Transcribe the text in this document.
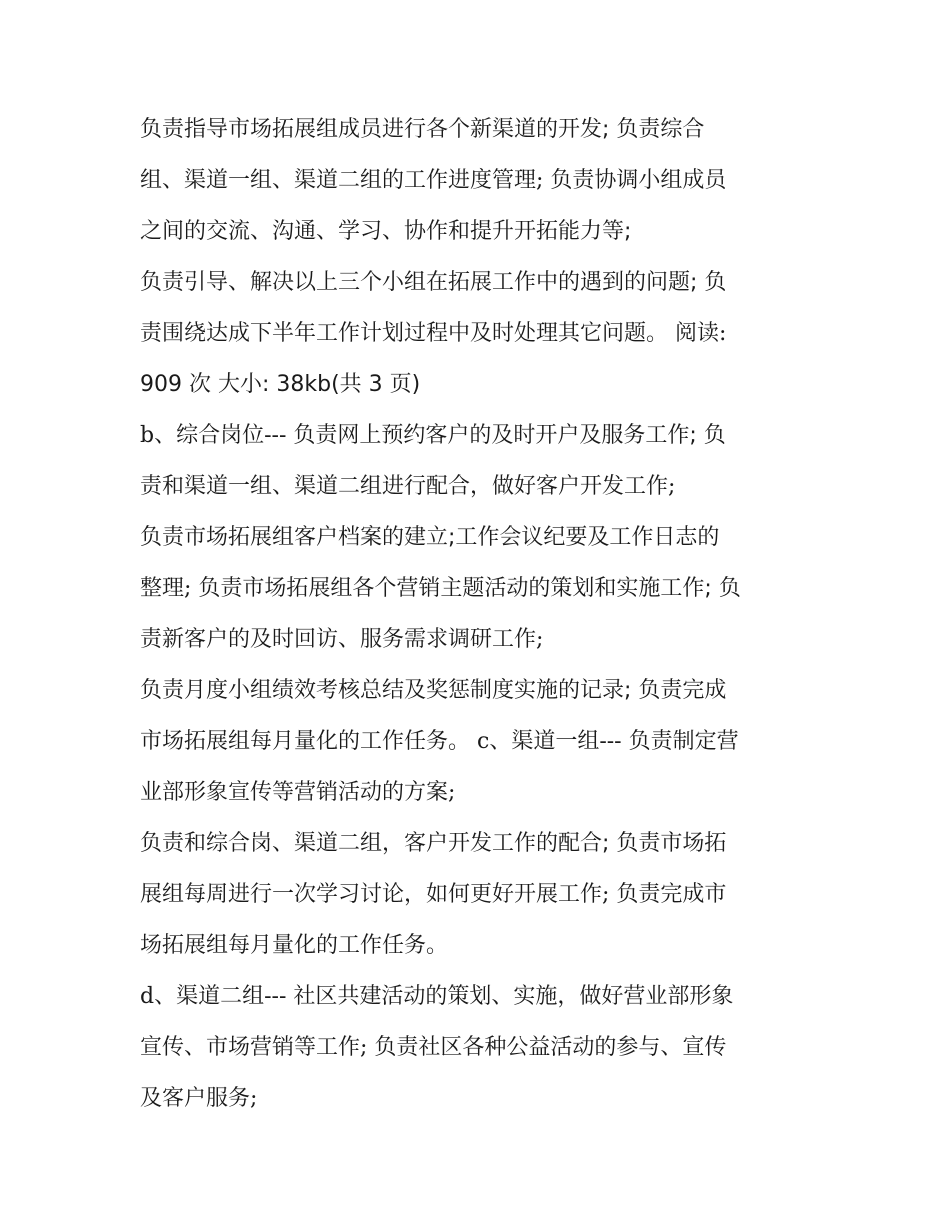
负责指导市场拓展组成员进行各个新渠道的开发; 负责综合
组、渠道一组、渠道二组的工作进度管理; 负责协调小组成员
之间的交流、沟通、学习、协作和提升开拓能力等;
负责引导、解决以上三个小组在拓展工作中的遇到的问题; 负
责围绕达成下半年工作计划过程中及时处理其它问题。 阅读:
909 次 大小: 38kb(共 3 页)
b、综合岗位--- 负责网上预约客户的及时开户及服务工作; 负
责和渠道一组、渠道二组进行配合，做好客户开发工作;
负责市场拓展组客户档案的建立;工作会议纪要及工作日志的
整理; 负责市场拓展组各个营销主题活动的策划和实施工作; 负
责新客户的及时回访、服务需求调研工作;
负责月度小组绩效考核总结及奖惩制度实施的记录; 负责完成
市场拓展组每月量化的工作任务。 c、渠道一组--- 负责制定营
业部形象宣传等营销活动的方案;
负责和综合岗、渠道二组，客户开发工作的配合; 负责市场拓
展组每周进行一次学习讨论，如何更好开展工作; 负责完成市
场拓展组每月量化的工作任务。
d、渠道二组--- 社区共建活动的策划、实施，做好营业部形象
宣传、市场营销等工作; 负责社区各种公益活动的参与、宣传
及客户服务;
